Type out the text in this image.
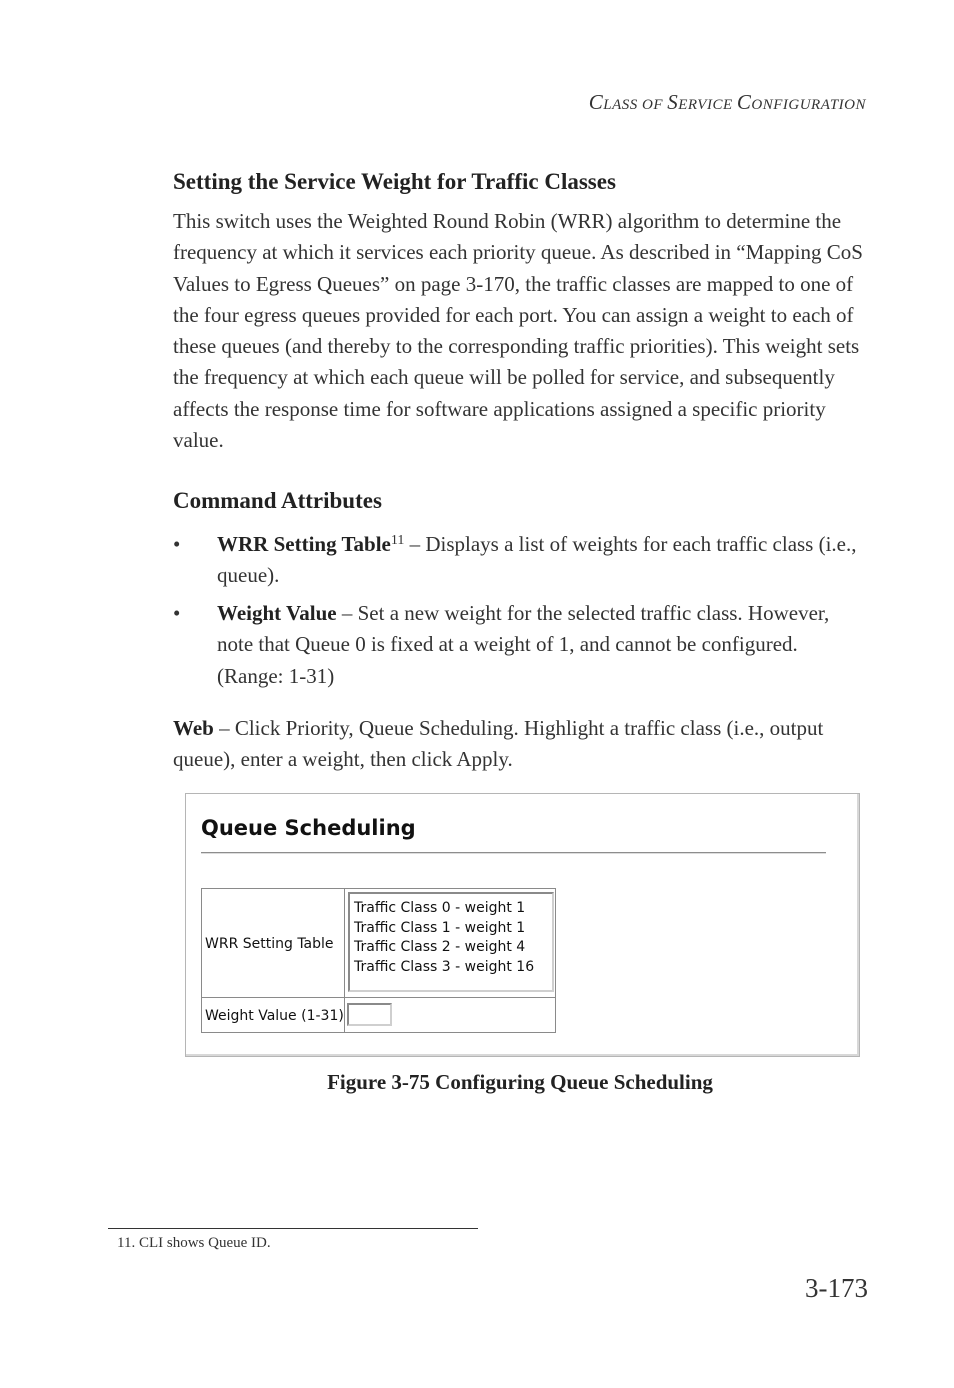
CLASS OF SERVICE CONFIGURATION
Setting the Service Weight for Traffic Classes

This switch uses the Weighted Round Robin (WRR) algorithm to determine the frequency at which it services each priority queue. As described in “Mapping CoS Values to Egress Queues” on page 3-170, the traffic classes are mapped to one of the four egress queues provided for each port. You can assign a weight to each of these queues (and thereby to the corresponding traffic priorities). This weight sets the frequency at which each queue will be polled for service, and subsequently affects the response time for software applications assigned a specific priority value.

Command Attributes
• WRR Setting Table$^{11}$ – Displays a list of weights for each traffic class (i.e., queue).
• Weight Value – Set a new weight for the selected traffic class. However, note that Queue 0 is fixed at a weight of 1, and cannot be configured. (Range: 1-31)

Web – Click Priority, Queue Scheduling. Highlight a traffic class (i.e., output queue), enter a weight, then click Apply.

Queue Scheduling
WRR Setting Table
Weight Value (1-31)
Traffic Class 0 - weight 1
Traffic Class 1 - weight 1
Traffic Class 2 - weight 4
Traffic Class 3 - weight 16
Figure 3-75 Configuring Queue Scheduling
11. CLI shows Queue ID.
3-173
